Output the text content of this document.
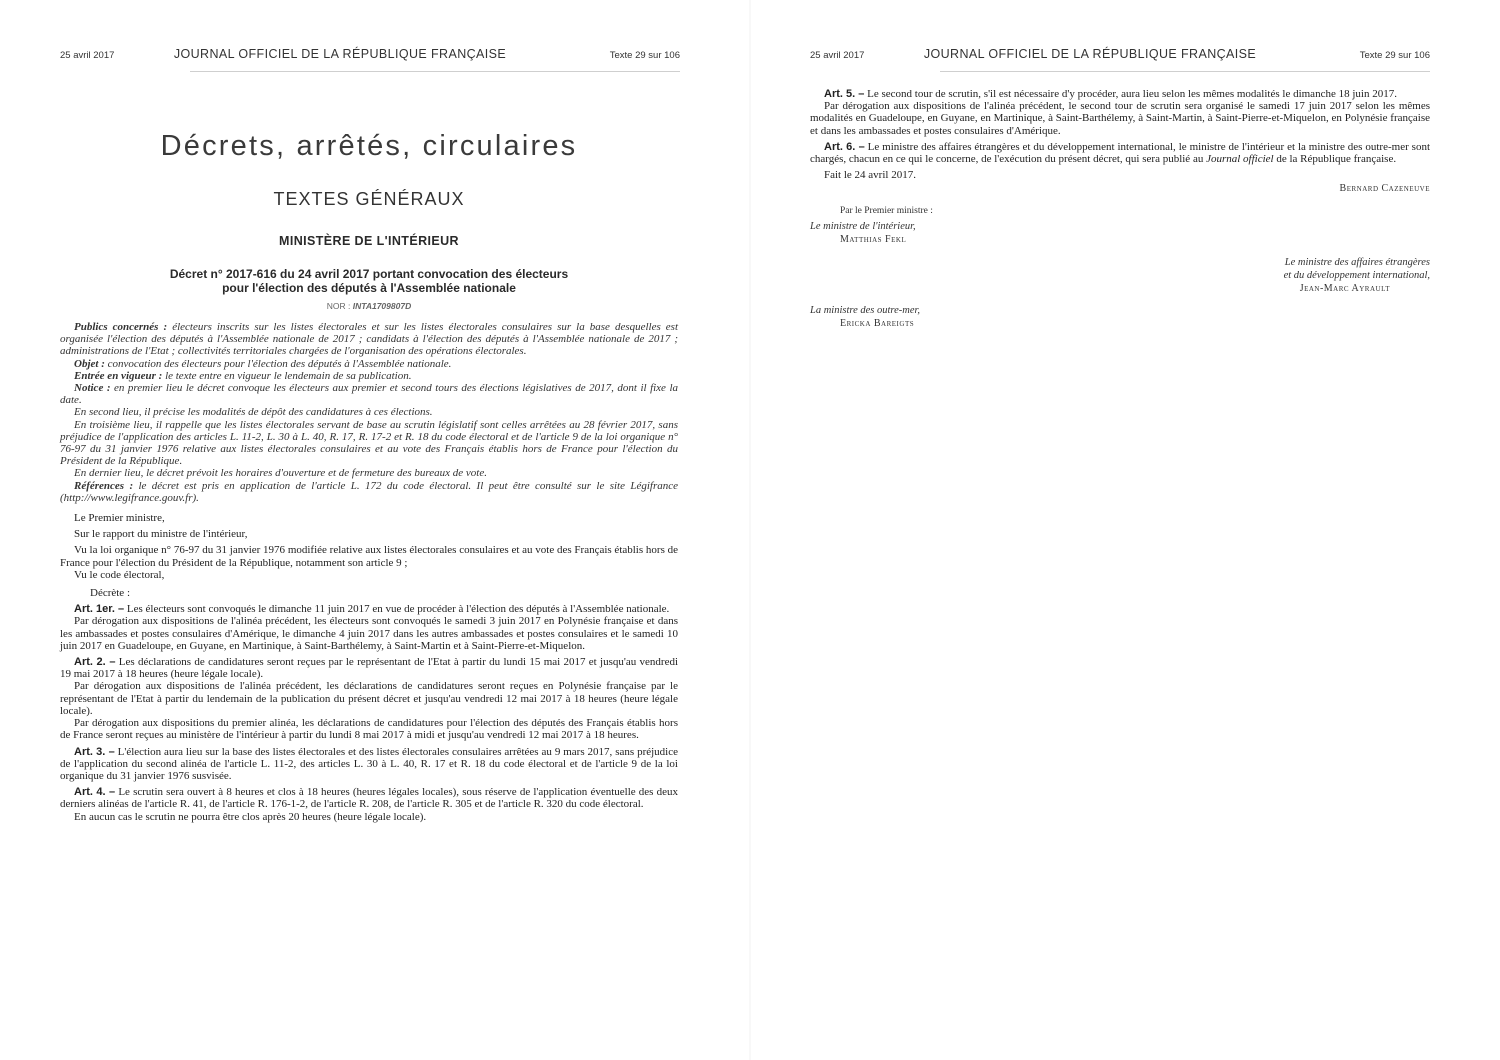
25 avril 2017	JOURNAL OFFICIEL DE LA RÉPUBLIQUE FRANÇAISE	Texte 29 sur 106
Décrets, arrêtés, circulaires
TEXTES GÉNÉRAUX
MINISTÈRE DE L'INTÉRIEUR
Décret n° 2017-616 du 24 avril 2017 portant convocation des électeurs
pour l'élection des députés à l'Assemblée nationale
NOR : INTA1709807D

Publics concernés : électeurs inscrits sur les listes électorales et sur les listes électorales consulaires sur la base desquelles est organisée l'élection des députés à l'Assemblée nationale de 2017 ; candidats à l'élection des députés à l'Assemblée nationale de 2017 ; administrations de l'Etat ; collectivités territoriales chargées de l'organisation des opérations électorales.

Objet : convocation des électeurs pour l'élection des députés à l'Assemblée nationale.

Entrée en vigueur : le texte entre en vigueur le lendemain de sa publication.

Notice : en premier lieu le décret convoque les électeurs aux premier et second tours des élections législatives de 2017, dont il fixe la date.

En second lieu, il précise les modalités de dépôt des candidatures à ces élections.

En troisième lieu, il rappelle que les listes électorales servant de base au scrutin législatif sont celles arrêtées au 28 février 2017, sans préjudice de l'application des articles L. 11-2, L. 30 à L. 40, R. 17, R. 17-2 et R. 18 du code électoral et de l'article 9 de la loi organique n° 76-97 du 31 janvier 1976 relative aux listes électorales consulaires et au vote des Français établis hors de France pour l'élection du Président de la République.

En dernier lieu, le décret prévoit les horaires d'ouverture et de fermeture des bureaux de vote.

Références : le décret est pris en application de l'article L. 172 du code électoral. Il peut être consulté sur le site Légifrance (http://www.legifrance.gouv.fr).

Le Premier ministre,

Sur le rapport du ministre de l'intérieur,

Vu la loi organique n° 76-97 du 31 janvier 1976 modifiée relative aux listes électorales consulaires et au vote des Français établis hors de France pour l'élection du Président de la République, notamment son article 9 ;

Vu le code électoral,

Décrète :

Art. 1er. – Les électeurs sont convoqués le dimanche 11 juin 2017 en vue de procéder à l'élection des députés à l'Assemblée nationale.

Par dérogation aux dispositions de l'alinéa précédent, les électeurs sont convoqués le samedi 3 juin 2017 en Polynésie française et dans les ambassades et postes consulaires d'Amérique, le dimanche 4 juin 2017 dans les autres ambassades et postes consulaires et le samedi 10 juin 2017 en Guadeloupe, en Guyane, en Martinique, à Saint-Barthélemy, à Saint-Martin et à Saint-Pierre-et-Miquelon.

Art. 2. – Les déclarations de candidatures seront reçues par le représentant de l'Etat à partir du lundi 15 mai 2017 et jusqu'au vendredi 19 mai 2017 à 18 heures (heure légale locale).

Par dérogation aux dispositions de l'alinéa précédent, les déclarations de candidatures seront reçues en Polynésie française par le représentant de l'Etat à partir du lendemain de la publication du présent décret et jusqu'au vendredi 12 mai 2017 à 18 heures (heure légale locale).

Par dérogation aux dispositions du premier alinéa, les déclarations de candidatures pour l'élection des députés des Français établis hors de France seront reçues au ministère de l'intérieur à partir du lundi 8 mai 2017 à midi et jusqu'au vendredi 12 mai 2017 à 18 heures.

Art. 3. – L'élection aura lieu sur la base des listes électorales et des listes électorales consulaires arrêtées au 9 mars 2017, sans préjudice de l'application du second alinéa de l'article L. 11-2, des articles L. 30 à L. 40, R. 17 et R. 18 du code électoral et de l'article 9 de la loi organique du 31 janvier 1976 susvisée.

Art. 4. – Le scrutin sera ouvert à 8 heures et clos à 18 heures (heures légales locales), sous réserve de l'application éventuelle des deux derniers alinéas de l'article R. 41, de l'article R. 176-1-2, de l'article R. 208, de l'article R. 305 et de l'article R. 320 du code électoral.

En aucun cas le scrutin ne pourra être clos après 20 heures (heure légale locale).

25 avril 2017	JOURNAL OFFICIEL DE LA RÉPUBLIQUE FRANÇAISE	Texte 29 sur 106

Art. 5. – Le second tour de scrutin, s'il est nécessaire d'y procéder, aura lieu selon les mêmes modalités le dimanche 18 juin 2017.

Par dérogation aux dispositions de l'alinéa précédent, le second tour de scrutin sera organisé le samedi 17 juin 2017 selon les mêmes modalités en Guadeloupe, en Guyane, en Martinique, à Saint-Barthélemy, à Saint-Martin, à Saint-Pierre-et-Miquelon, en Polynésie française et dans les ambassades et postes consulaires d'Amérique.

Art. 6. – Le ministre des affaires étrangères et du développement international, le ministre de l'intérieur et la ministre des outre-mer sont chargés, chacun en ce qui le concerne, de l'exécution du présent décret, qui sera publié au Journal officiel de la République française.

Fait le 24 avril 2017.

Bernard Cazeneuve
Par le Premier ministre :
Le ministre de l'intérieur,
Matthias Fekl
Le ministre des affaires étrangères
et du développement international,
Jean-Marc Ayrault
La ministre des outre-mer,
Ericka Bareigts
